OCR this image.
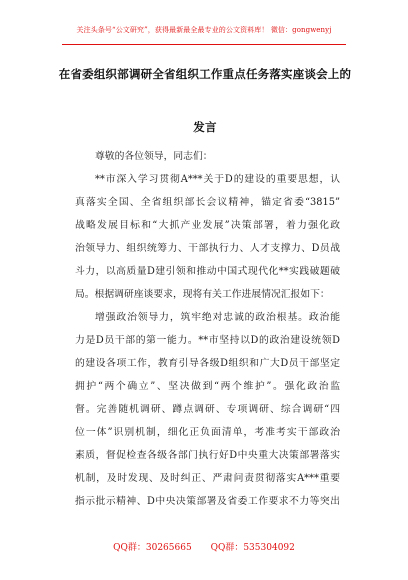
关注头条号“公文研究”，获得最新最全最专业的公文资料库！ 微信：gongwenyj
在省委组织部调研全省组织工作重点任务落实座谈会上的
发言
尊敬的各位领导，同志们：
**市深入学习贯彻A***关于D的建设的重要思想，认
真落实全国、全省组织部长会议精神，锚定省委“3815”
战略发展目标和“大抓产业发展”决策部署，着力强化政
治领导力、组织统筹力、干部执行力、人才支撑力、D员战
斗力，以高质量D建引领和推动中国式现代化**实践破题破
局。根据调研座谈要求，现将有关工作进展情况汇报如下：
增强政治领导力，筑牢绝对忠诚的政治根基。政治能
力是D员干部的第一能力。**市坚持以D的政治建设统领D
的建设各项工作，教育引导各级D组织和广大D员干部坚定
拥护“两个确立”、坚决做到“两个维护”。强化政治监
督。完善随机调研、蹲点调研、专项调研、综合调研“四
位一体”识别机制，细化正负面清单，考准考实干部政治
素质，督促检查各级各部门执行好D中央重大决策部署落实
机制，及时发现、及时纠正、严肃问责贯彻落实A***重要
指示批示精神、D中央决策部署及省委工作要求不力等突出
QQ群：30265665 QQ群：535304092
